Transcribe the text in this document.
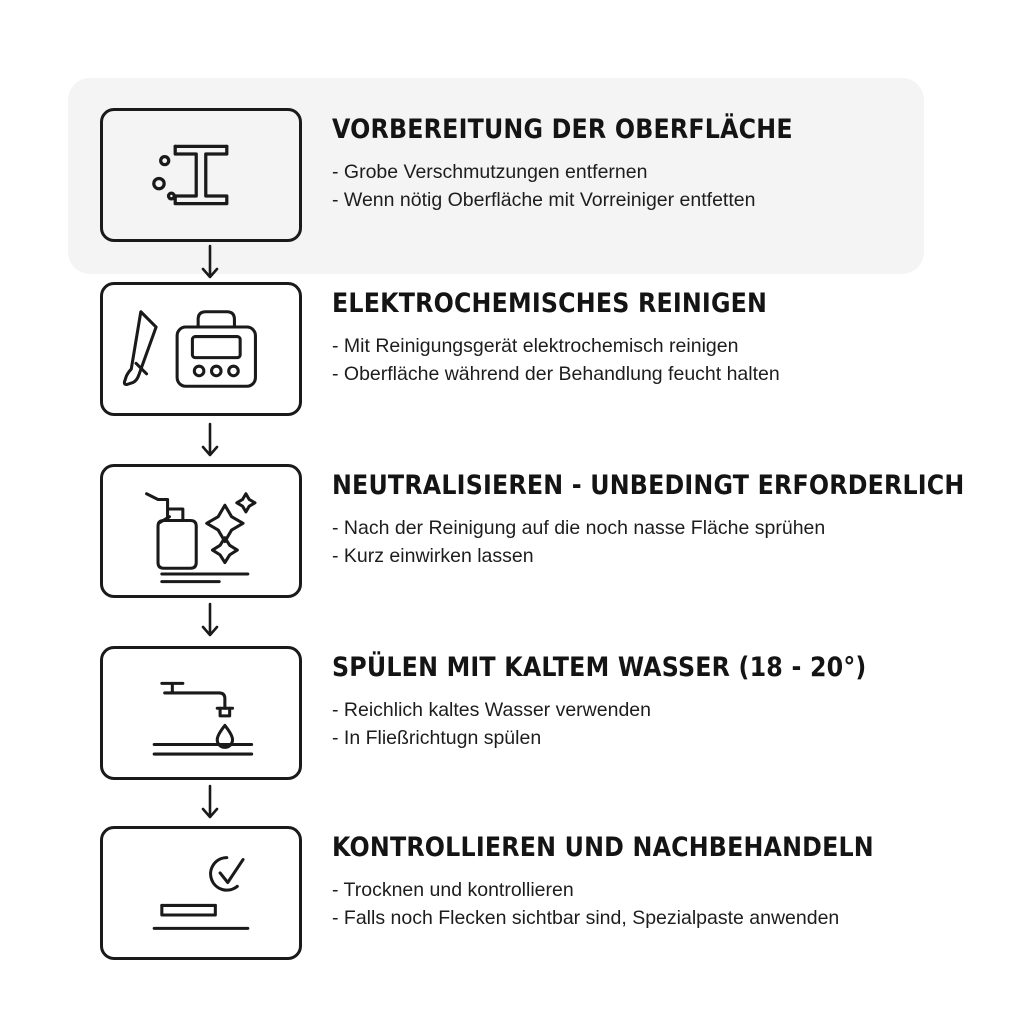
VORBEREITUNG DER OBERFLÄCHE
- Grobe Verschmutzungen entfernen
- Wenn nötig Oberfläche mit Vorreiniger entfetten
ELEKTROCHEMISCHES REINIGEN
- Mit Reinigungsgerät elektrochemisch reinigen
- Oberfläche während der Behandlung feucht halten
NEUTRALISIEREN - UNBEDINGT ERFORDERLICH
- Nach der Reinigung auf die noch nasse Fläche sprühen
- Kurz einwirken lassen
SPÜLEN MIT KALTEM WASSER (18 - 20°)
- Reichlich kaltes Wasser verwenden
- In Fließrichtugn spülen
KONTROLLIEREN UND NACHBEHANDELN
- Trocknen und kontrollieren
- Falls noch Flecken sichtbar sind, Spezialpaste anwenden
